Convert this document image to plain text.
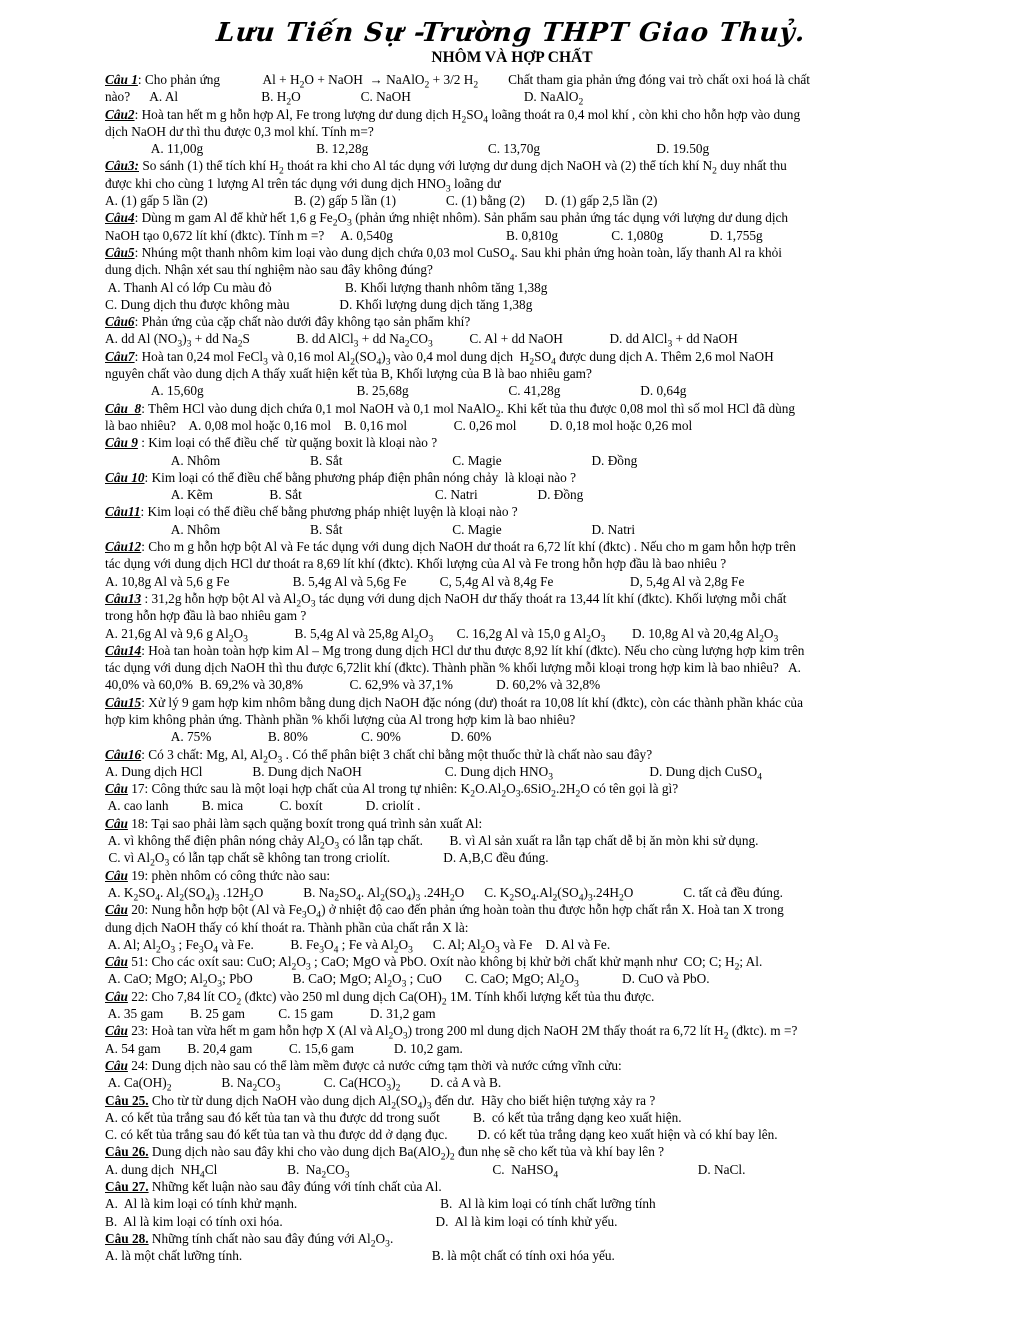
Lưu Tiến Sự -Trường THPT Giao Thuỷ.
NHÔM VÀ HỢP CHẤT
Câu 1: Cho phản ứng             $Al + H_2O$ + NaOH  → NaAlO$_2$ + 3/2 $H_2$         Chất tham gia phản ứng đóng vai trò chất oxi hoá là chất
nào?      A. Al                         B. $H_2O$                  C. NaOH                                  D. NaAlO$_2$
Câu2: Hoà tan hết m g hỗn hợp Al, Fe trong lượng dư dung dịch $H_2SO_4$ loãng thoát ra 0,4 mol khí , còn khi cho hỗn hợp vào dung
dịch NaOH dư thì thu được 0,3 mol khí. Tính m=?
A. 11,00g                                  B. 12,28g                                    C. 13,70g                                   D. 19.50g
Câu3: So sánh (1) thể tích khí $H_2$ thoát ra khi cho Al tác dụng với lượng dư dung dịch NaOH và (2) thể tích khí $N_2$ duy nhất thu
được khi cho cùng 1 lượng Al trên tác dụng với dung dịch $HNO_3$ loãng dư
A. (1) gấp 5 lần (2)                          B. (2) gấp 5 lần (1)               C. (1) bằng (2)      D. (1) gấp 2,5 lần (2)
Câu4: Dùng m gam Al để khử hết 1,6 g $Fe_2O_3$ (phản ứng nhiệt nhôm). Sản phẩm sau phản ứng tác dụng với lượng dư dung dịch
NaOH tạo 0,672 lít khí (đktc). Tính m =?     A. 0,540g                                  B. 0,810g                C. 1,080g              D. 1,755g
Câu5: Nhúng một thanh nhôm kim loại vào dung dịch chứa 0,03 mol CuSO$_4$. Sau khi phản ứng hoàn toàn, lấy thanh Al ra khỏi
dung dịch. Nhận xét sau thí nghiệm nào sau đây không đúng?
A. Thanh Al có lớp Cu màu đỏ                      B. Khối lượng thanh nhôm tăng 1,38g
C. Dung dịch thu được không màu               D. Khối lượng dung dịch tăng 1,38g
Câu6: Phản ứng của cặp chất nào dưới đây không tạo sản phẩm khí?
A. dd Al $(NO_3)_3$ + dd $Na_2S$              B. dd AlCl$_3$ + dd $Na_2CO_3$           C. Al + dd NaOH              D. dd AlCl$_3$ + dd NaOH
Câu7: Hoà tan 0,24 mol FeCl$_3$ và 0,16 mol $Al_2(SO_4)_3$ vào 0,4 mol dung dịch  $H_2SO_4$ được dung dịch A. Thêm 2,6 mol NaOH
nguyên chất vào dung dịch A thấy xuất hiện kết tủa B, Khối lượng của B là bao nhiêu gam?
A. 15,60g                                              B. 25,68g                              C. 41,28g                        D. 0,64g
Câu  8: Thêm HCl vào dung dịch chứa 0,1 mol NaOH và 0,1 mol NaAlO$_2$. Khi kết tủa thu được 0,08 mol thì số mol HCl đã dùng
là bao nhiêu?    A. 0,08 mol hoặc 0,16 mol    B. 0,16 mol              C. 0,26 mol          D. 0,18 mol hoặc 0,26 mol
Câu 9 : Kim loại có thể điều chế  từ quặng boxit là kloại nào ?
A. Nhôm                           B. Sắt                                 C. Magie                           D. Đồng
Câu 10: Kim loại có thể điều chế bằng phương pháp điện phân nóng chảy  là kloại nào ?
A. Kẽm                 B. Sắt                                        C. Natri                  D. Đồng
Câu11: Kim loại có thể điều chế bằng phương pháp nhiệt luyện là kloại nào ?
A. Nhôm                           B. Sắt                                 C. Magie                           D. Natri
Câu12: Cho m g hỗn hợp bột Al và Fe tác dụng với dung dịch NaOH dư thoát ra 6,72 lít khí (đktc) . Nếu cho m gam hỗn hợp trên
tác dụng với dung dịch HCl dư thoát ra 8,69 lít khí (đktc). Khối lượng của Al và Fe trong hỗn hợp đầu là bao nhiêu ?
A. 10,8g Al và 5,6 g Fe                   B. 5,4g Al và 5,6g Fe          C, 5,4g Al và 8,4g Fe                       D, 5,4g Al và 2,8g Fe
Câu13 : 31,2g hỗn hợp bột Al và $Al_2O_3$ tác dụng với dung dịch NaOH dư thấy thoát ra 13,44 lít khí (đktc). Khối lượng mỗi chất
trong hỗn hợp đầu là bao nhiêu gam ?
A. 21,6g Al và 9,6 g $Al_2O_3$              B. 5,4g Al và 25,8g $Al_2O_3$       C. 16,2g Al và 15,0 g $Al_2O_3$        D. 10,8g Al và 20,4g $Al_2O_3$
Câu14: Hoà tan hoàn toàn hợp kim Al – Mg trong dung dịch HCl dư thu được 8,92 lít khí (đktc). Nếu cho cùng lượng hợp kim trên
tác dụng với dung dịch NaOH thì thu được 6,72lit khí (đktc). Thành phần % khối lượng mỗi kloại trong hợp kim là bao nhiêu?   A.
40,0% và 60,0%  B. 69,2% và 30,8%              C. 62,9% và 37,1%             D. 60,2% và 32,8%
Câu15: Xử lý 9 gam hợp kim nhôm bằng dung dịch NaOH đặc nóng (dư) thoát ra 10,08 lít khí (đktc), còn các thành phần khác của
hợp kim không phản ứng. Thành phần % khối lượng của Al trong hợp kim là bao nhiêu?
A. 75%                 B. 80%                C. 90%               D. 60%
Câu16: Có 3 chất: Mg, Al, $Al_2O_3$ . Có thể phân biệt 3 chất chỉ bằng một thuốc thử là chất nào sau đây?
A. Dung dịch HCl               B. Dung dịch NaOH                         C. Dung dịch $HNO_3$                             D. Dung dịch CuSO$_4$
Câu 17: Công thức sau là một loại hợp chất của Al trong tự nhiên: $K_2O.Al_2O_3.6SiO_2.2H_2O$ có tên gọi là gì?
A. cao lanh          B. mica           C. boxít             D. criolít .
Câu 18: Tại sao phải làm sạch quặng boxít trong quá trình sản xuất Al:
A. vì không thể điện phân nóng chảy $Al_2O_3$ có lẫn tạp chất.        B. vì Al sản xuất ra lẫn tạp chất dễ bị ăn mòn khi sử dụng.
C. vì $Al_2O_3$ có lẫn tạp chất sẽ không tan trong criolít.                D. A,B,C đều đúng.
Câu 19: phèn nhôm có công thức nào sau:
A. $K_2SO_4$. $Al_2(SO_4)_3$ $.12H_2O$            B. $Na_2SO_4$. $Al_2(SO_4)_3$ $.24H_2O$      C. $K_2SO_4.Al_2(SO_4)_3.24H_2O$               C. tất cả đều đúng.
Câu 20: Nung hỗn hợp bột (Al và $Fe_3O_4$) ở nhiệt độ cao đến phản ứng hoàn toàn thu được hỗn hợp chất rắn X. Hoà tan X trong
dung dịch NaOH thấy có khí thoát ra. Thành phần của chất rắn X là:
A. Al; $Al_2O_3$ ; $Fe_3O_4$ và Fe.           B. $Fe_3O_4$ ; Fe và $Al_2O_3$      C. Al; $Al_2O_3$ và Fe    D. Al và Fe.
Câu 51: Cho các oxít sau: CuO; $Al_2O_3$ ; CaO; MgO và PbO. Oxít nào không bị khử bởi chất khử mạnh như  CO; C; $H_2$; Al.
A. CaO; MgO; $Al_2O_3$; PbO            B. CaO; MgO; $Al_2O_3$ ; CuO       C. CaO; MgO; $Al_2O_3$             D. CuO và PbO.
Câu 22: Cho 7,84 lít $CO_2$ (đktc) vào 250 ml dung dịch $Ca(OH)_2$ 1M. Tính khối lượng kết tủa thu được.
A. 35 gam        B. 25 gam          C. 15 gam           D. 31,2 gam
Câu 23: Hoà tan vừa hết m gam hỗn hợp X (Al và $Al_2O_3$) trong 200 ml dung dịch NaOH 2M thấy thoát ra 6,72 lít $H_2$ (đktc). m =?
A. 54 gam        B. 20,4 gam           C. 15,6 gam            D. 10,2 gam.
Câu 24: Dung dịch nào sau có thể làm mềm được cả nước cứng tạm thời và nước cứng vĩnh cửu:
A. $Ca(OH)_2$               B. $Na_2CO_3$             C. $Ca(HCO_3)_2$         D. cả A và B.
Câu 25. Cho từ từ dung dịch NaOH vào dung dịch $Al_2(SO_4)_3$ đến dư.  Hãy cho biết hiện tượng xảy ra ?
A. có kết tủa trắng sau đó kết tủa tan và thu được dd trong suốt          B.  có kết tủa trắng dạng keo xuất hiện.
C. có kết tủa trắng sau đó kết tủa tan và thu được dd ở dạng đục.         D. có kết tủa trắng dạng keo xuất hiện và có khí bay lên.
Câu 26. Dung dịch nào sau đây khi cho vào dung dịch $Ba(AlO_2)_2$ đun nhẹ sẽ cho kết tủa và khí bay lên ?
A. dung dịch  $NH_4Cl$                     B.  $Na_2CO_3$                                           C.  NaHSO$_4$                                          D. NaCl.
Câu 27. Những kết luận nào sau đây đúng với tính chất của Al.
A.  Al là kim loại có tính khử mạnh.                                           B.  Al là kim loại có tính chất lưỡng tính
B.  Al là kim loại có tính oxi hóa.                                              D.  Al là kim loại có tính khử yếu.
Câu 28. Những tính chất nào sau đây đúng với $Al_2O_3$.
A. là một chất lưỡng tính.                                                         B. là một chất có tính oxi hóa yếu.
